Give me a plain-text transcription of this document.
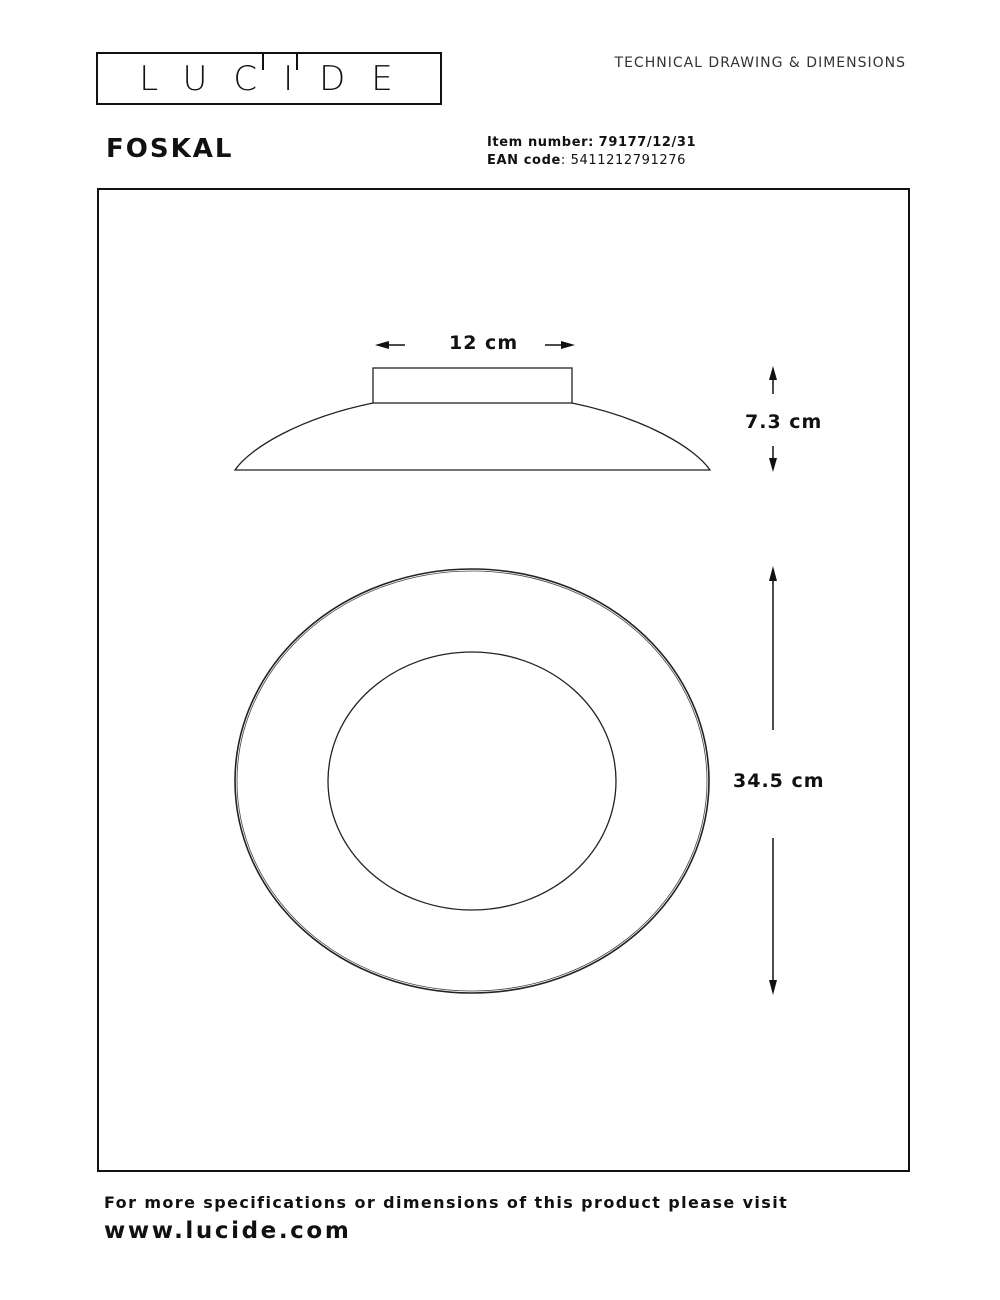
LUCIDE	TECHNICAL DRAWING & DIMENSIONS
FOSKAL	Item number: 79177/12/31
EAN code: 5411212791276
12 cm
7.3 cm
34.5 cm
For more specifications or dimensions of this product please visit
www.lucide.com
